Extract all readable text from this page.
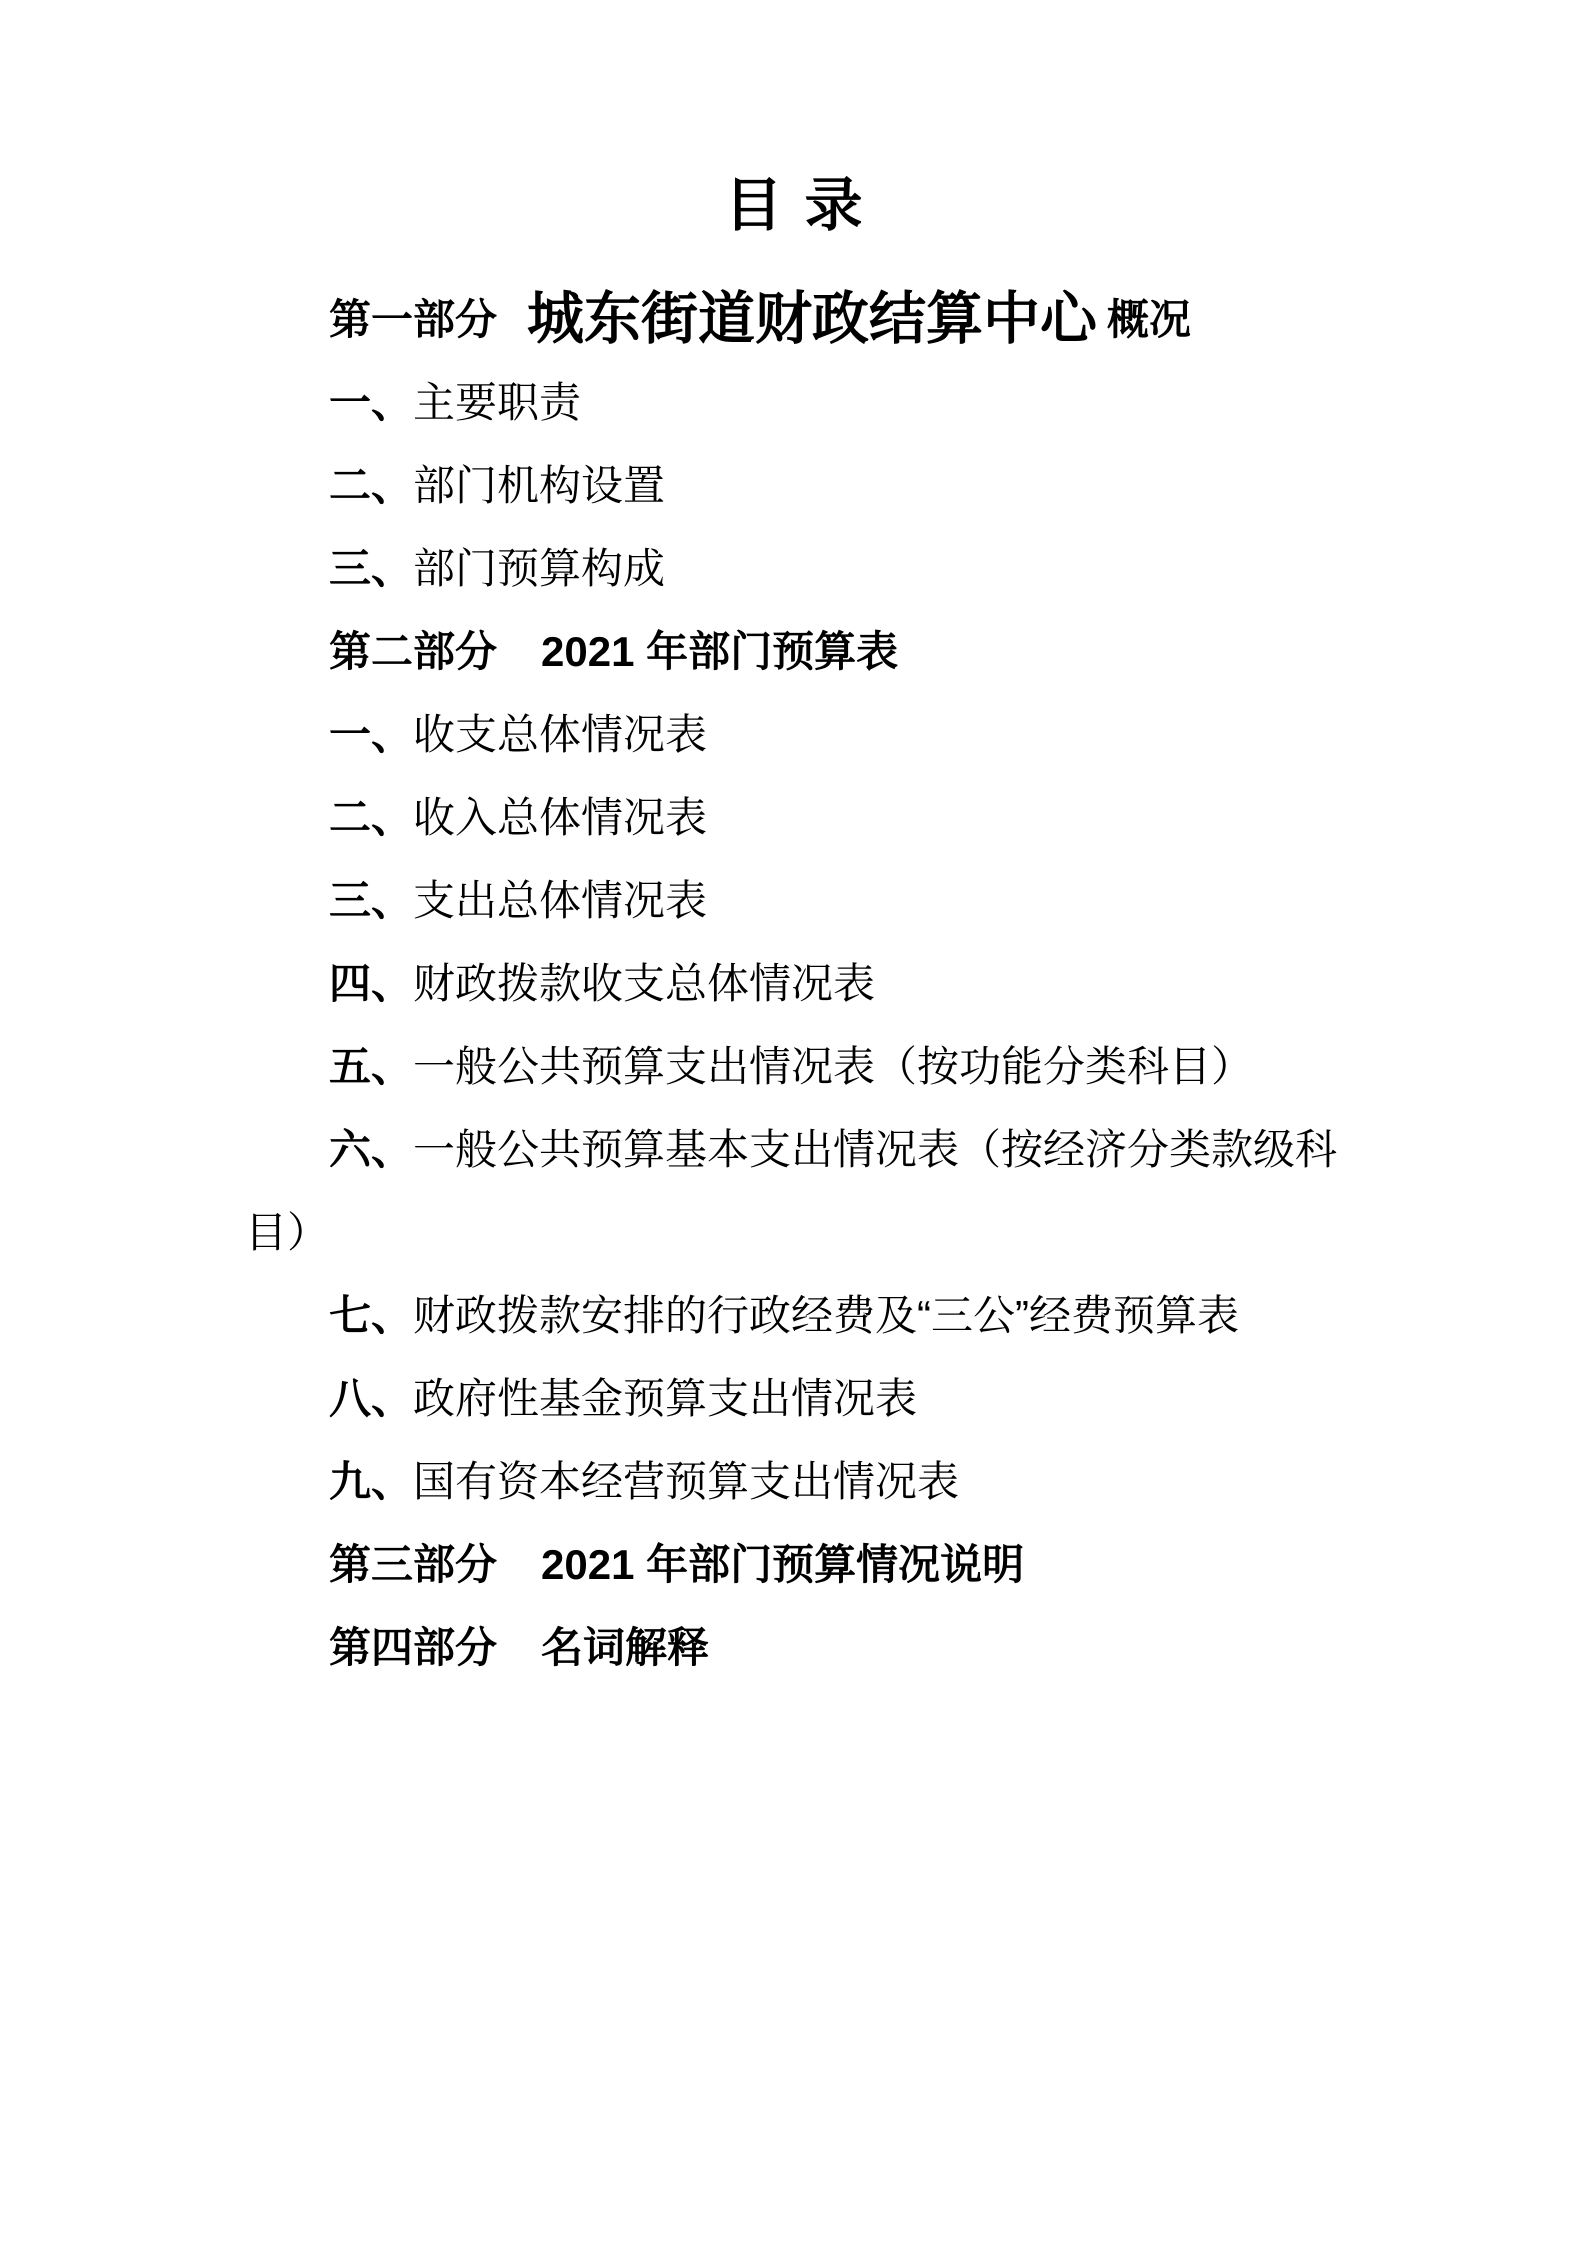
目 录

第一部分 城东街道财政结算中心 概况

一、主要职责

二、部门机构设置

三、部门预算构成

第二部分 2021 年部门预算表

一、收支总体情况表

二、收入总体情况表

三、支出总体情况表

四、财政拨款收支总体情况表

五、一般公共预算支出情况表（按功能分类科目）

六、一般公共预算基本支出情况表（按经济分类款级科目）

七、财政拨款安排的行政经费及“三公”经费预算表

八、政府性基金预算支出情况表

九、国有资本经营预算支出情况表

第三部分 2021 年部门预算情况说明

第四部分 名词解释
